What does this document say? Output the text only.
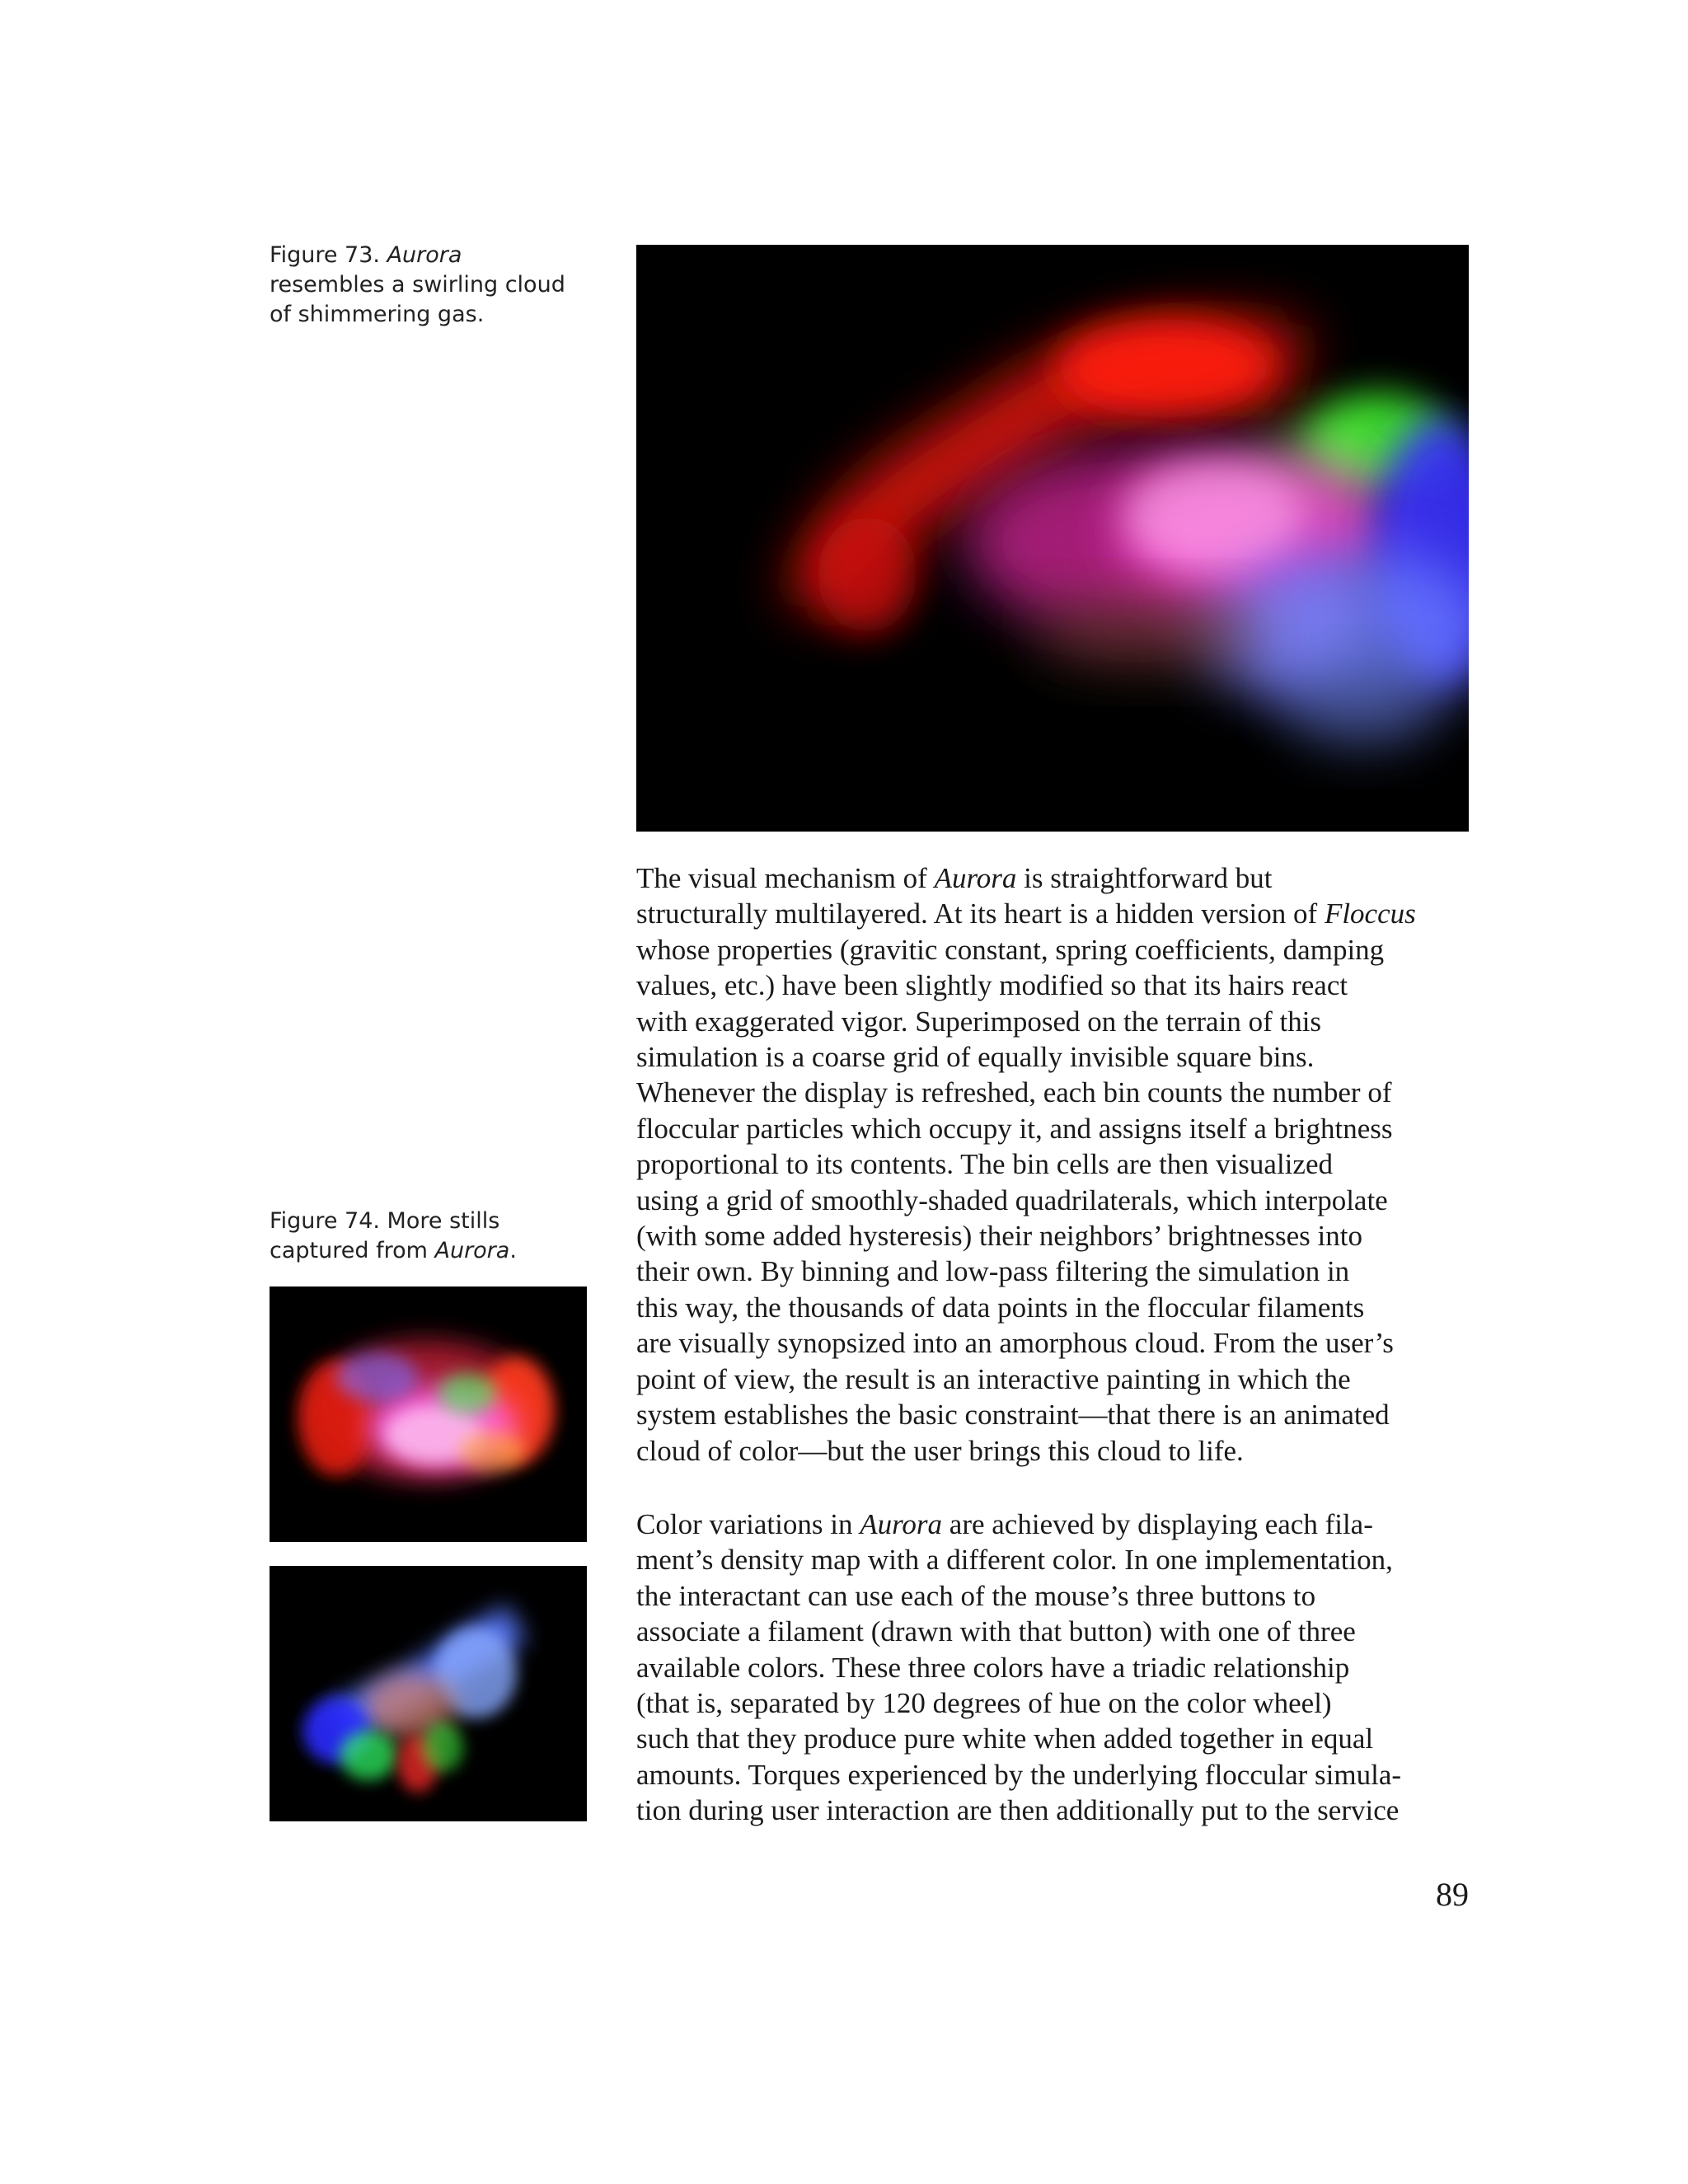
Figure 73. Aurora resembles a swirling cloud of shimmering gas.
Figure 74. More stills captured from Aurora.
The visual mechanism of Aurora is straightforward but
structurally multilayered. At its heart is a hidden version of Floccus
whose properties (gravitic constant, spring coefficients, damping
values, etc.) have been slightly modified so that its hairs react
with exaggerated vigor. Superimposed on the terrain of this
simulation is a coarse grid of equally invisible square bins.
Whenever the display is refreshed, each bin counts the number of
floccular particles which occupy it, and assigns itself a brightness
proportional to its contents. The bin cells are then visualized
using a grid of smoothly-shaded quadrilaterals, which interpolate
(with some added hysteresis) their neighbors’ brightnesses into
their own. By binning and low-pass filtering the simulation in
this way, the thousands of data points in the floccular filaments
are visually synopsized into an amorphous cloud. From the user’s
point of view, the result is an interactive painting in which the
system establishes the basic constraint—that there is an animated
cloud of color—but the user brings this cloud to life.
Color variations in Aurora are achieved by displaying each fila-
ment’s density map with a different color. In one implementation,
the interactant can use each of the mouse’s three buttons to
associate a filament (drawn with that button) with one of three
available colors. These three colors have a triadic relationship
(that is, separated by 120 degrees of hue on the color wheel)
such that they produce pure white when added together in equal
amounts. Torques experienced by the underlying floccular simula-
tion during user interaction are then additionally put to the service
89
